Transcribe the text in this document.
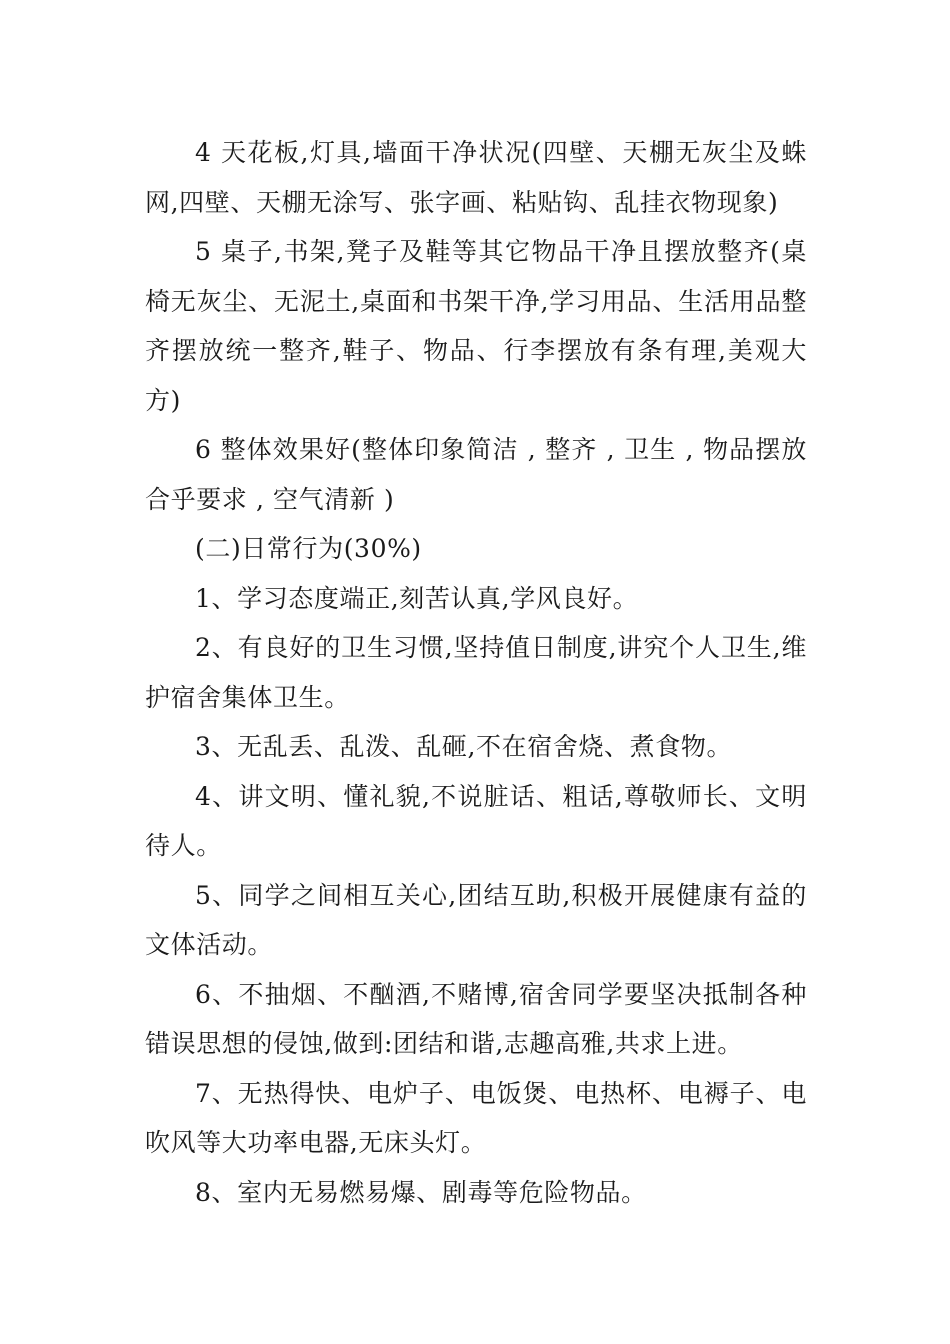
4 天花板,灯具,墙面干净状况(四壁、天棚无灰尘及蛛网,四壁、天棚无涂写、张字画、粘贴钩、乱挂衣物现象)

5 桌子,书架,凳子及鞋等其它物品干净且摆放整齐(桌椅无灰尘、无泥土,桌面和书架干净,学习用品、生活用品整齐摆放统一整齐,鞋子、物品、行李摆放有条有理,美观大方)

6 整体效果好(整体印象简洁 , 整齐 , 卫生 , 物品摆放合乎要求 , 空气清新 )

(二)日常行为(30%)

1、学习态度端正,刻苦认真,学风良好。

2、有良好的卫生习惯,坚持值日制度,讲究个人卫生,维护宿舍集体卫生。

3、无乱丢、乱泼、乱砸,不在宿舍烧、煮食物。

4、讲文明、懂礼貌,不说脏话、粗话,尊敬师长、文明待人。

5、同学之间相互关心,团结互助,积极开展健康有益的文体活动。

6、不抽烟、不酗酒,不赌博,宿舍同学要坚决抵制各种错误思想的侵蚀,做到:团结和谐,志趣高雅,共求上进。

7、无热得快、电炉子、电饭煲、电热杯、电褥子、电吹风等大功率电器,无床头灯。

8、室内无易燃易爆、剧毒等危险物品。
